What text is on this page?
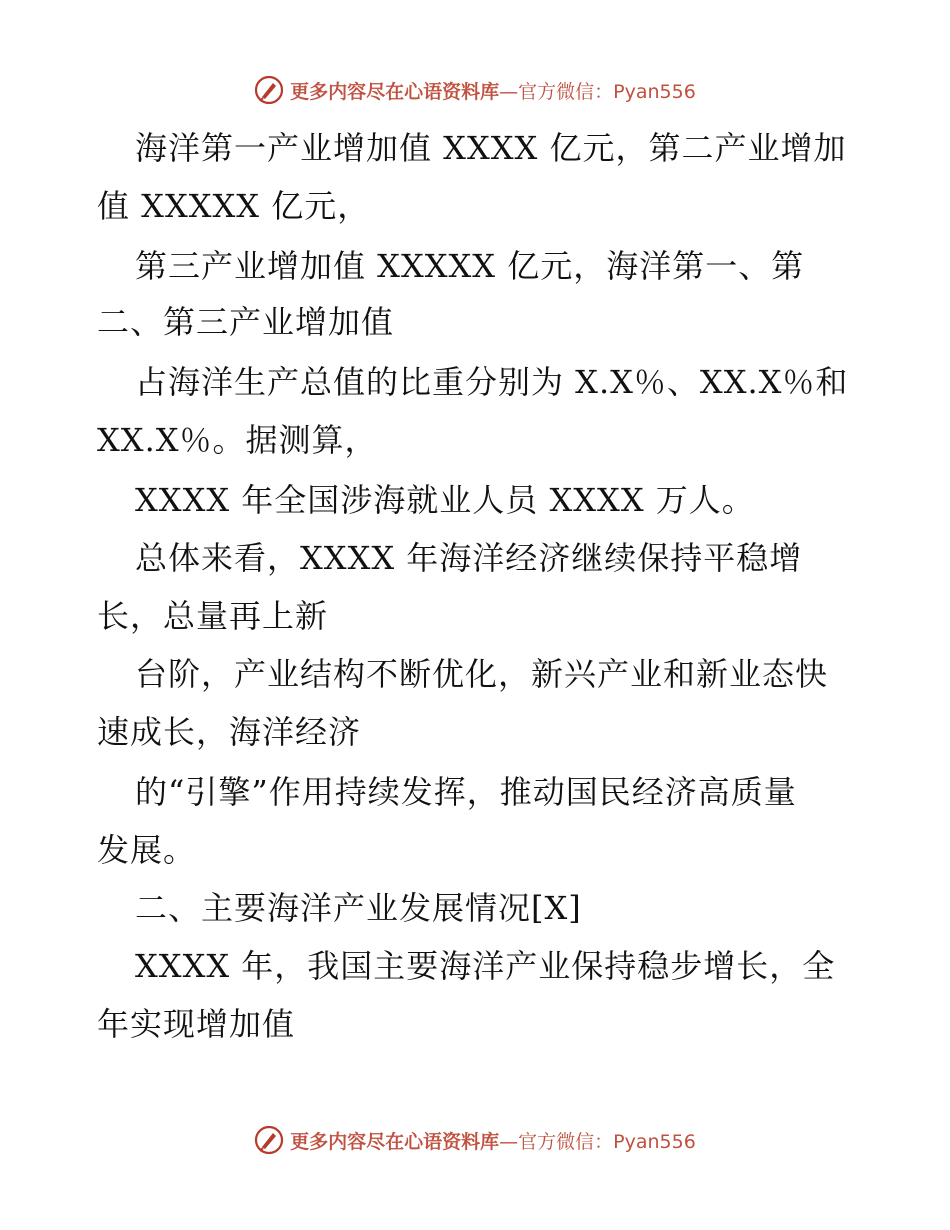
更多内容尽在心语资料库—官方微信：Pyan556
海洋第一产业增加值 XXXX 亿元，第二产业增加
值 XXXXX 亿元，
第三产业增加值 XXXXX 亿元，海洋第一、第
二、第三产业增加值
占海洋生产总值的比重分别为 X.X％、XX.X％和
XX.X％。据测算，
XXXX 年全国涉海就业人员 XXXX 万人。
总体来看，XXXX 年海洋经济继续保持平稳增
长，总量再上新
台阶，产业结构不断优化，新兴产业和新业态快
速成长，海洋经济
的“引擎”作用持续发挥，推动国民经济高质量
发展。
二、主要海洋产业发展情况[X]
XXXX 年，我国主要海洋产业保持稳步增长，全
年实现增加值
更多内容尽在心语资料库—官方微信：Pyan556
